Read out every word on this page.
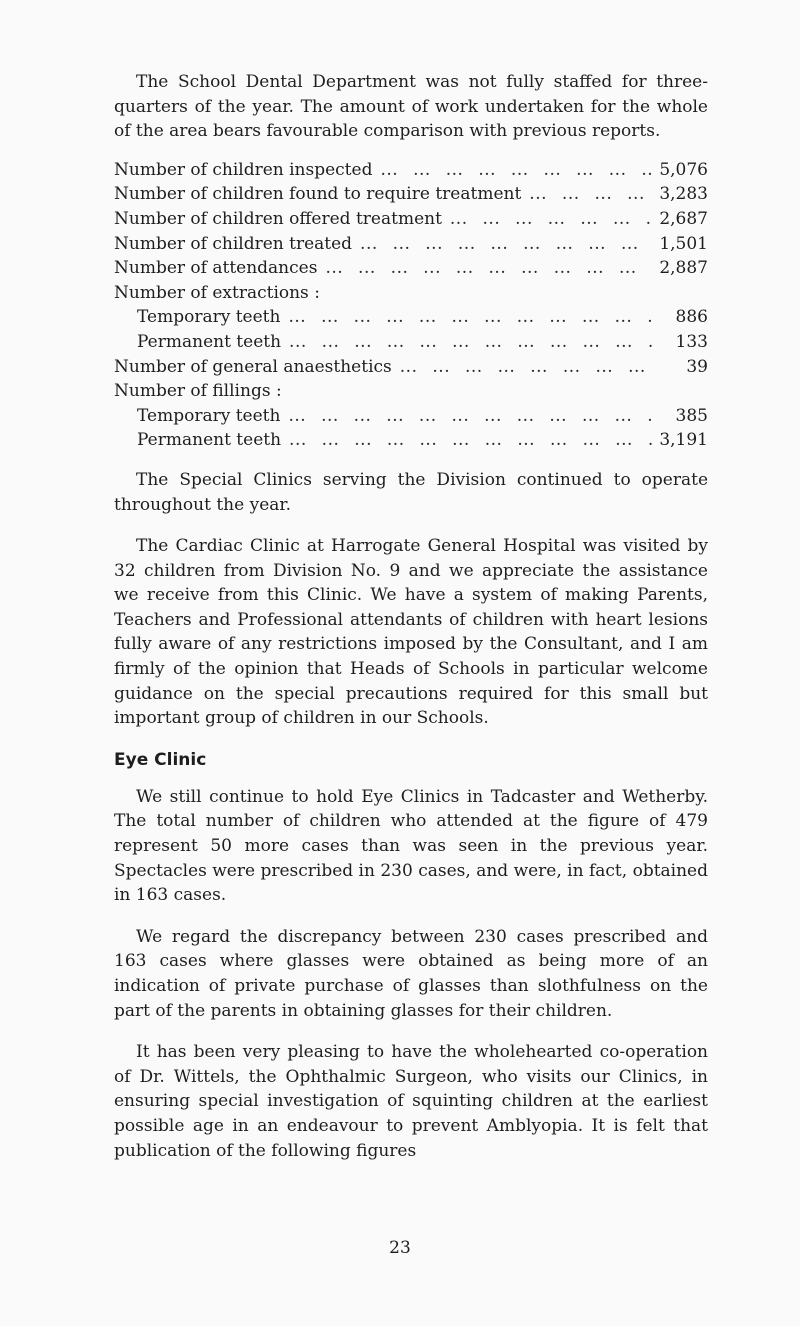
The School Dental Department was not fully staffed for three-quarters of the year. The amount of work undertaken for the whole of the area bears favourable comparison with previous reports.

Number of children inspected ... .	5,076
Number of children found to require treatment ... .	3,283
Number of children offered treatment ... .	2,687
Number of children treated ... .	1,501
Number of attendances ... .	2,887
Number of extractions :
Temporary teeth ... .	886
Permanent teeth ... .	133
Number of general anaesthetics ... .	39
Number of fillings :
Temporary teeth ... .	385
Permanent teeth ... .	3,191

The Special Clinics serving the Division continued to operate throughout the year.

The Cardiac Clinic at Harrogate General Hospital was visited by 32 children from Division No. 9 and we appreciate the assistance we receive from this Clinic. We have a system of making Parents, Teachers and Professional attendants of children with heart lesions fully aware of any restrictions imposed by the Consultant, and I am firmly of the opinion that Heads of Schools in particular welcome guidance on the special precautions required for this small but important group of children in our Schools.

Eye Clinic

We still continue to hold Eye Clinics in Tadcaster and Wetherby. The total number of children who attended at the figure of 479 represent 50 more cases than was seen in the previous year. Spectacles were prescribed in 230 cases, and were, in fact, obtained in 163 cases.

We regard the discrepancy between 230 cases prescribed and 163 cases where glasses were obtained as being more of an indication of private purchase of glasses than slothfulness on the part of the parents in obtaining glasses for their children.

It has been very pleasing to have the wholehearted co-operation of Dr. Wittels, the Ophthalmic Surgeon, who visits our Clinics, in ensuring special investigation of squinting children at the earliest possible age in an endeavour to prevent Amblyopia. It is felt that publication of the following figures

23
